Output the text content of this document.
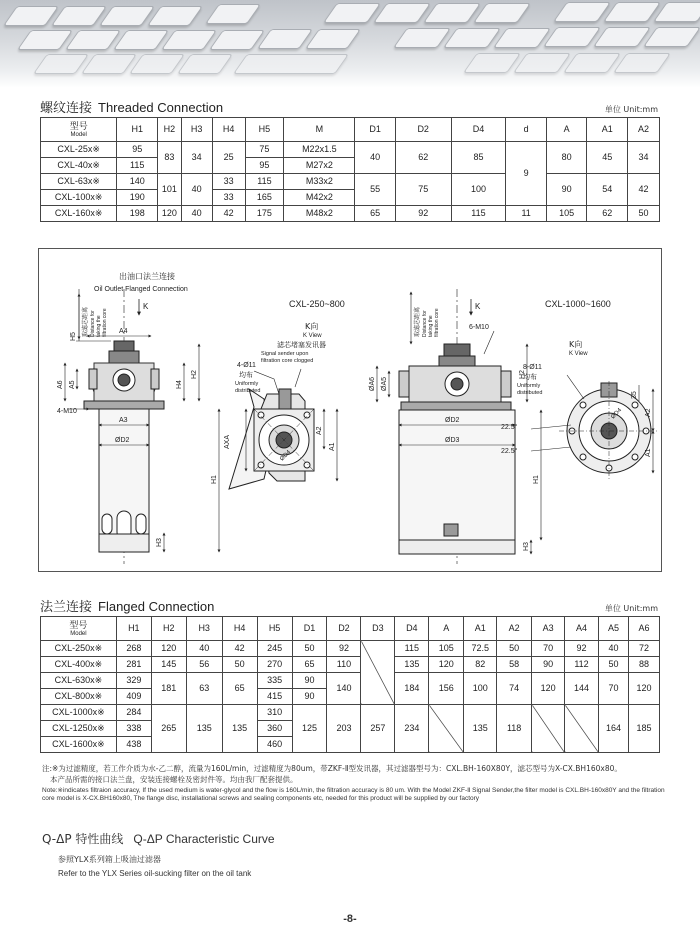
螺纹连接 Threaded Connection	单位 Unit:mm
型号
Model	H1	H2	H3	H4	H5	M	D1	D2	D4	d	A	A1	A2
CXL-25x※	95	83	34	25	75	M22x1.5	40	62	85	9	80	45	34
CXL-40x※	115				95	M27x2							
CXL-63x※	140	101	40	33	115	M33x2	55	75	100		90	54	42
CXL-100x※	190			33	165	M42x2							
CXL-160x※	198	120	40	42	175	M48x2	65	92	115	11	105	62	50
出油口法兰连接
Oil Outlet Flanged Connection
CXL-250~800	CXL-1000~1600
K	K
K向
K View
K向
K View
滤芯堵塞发讯器
Signal sender upon
filtration core clogged
4-Ø11
均布
Uniformly
distributed
8-Ø11
均布
Uniformly
distributed
4-M10
6-M10
22.5°
22.5°
AXA
取滤芯距离 Distance for taking the filtration core	取滤芯距离 Distance for taking the filtration core
H5
A4
A5
A6
A3
ØD2
ØD2
ØD3
H1
H2
H3
H4
A1
A2
H1
H2
H3
A2
A1
35
ØD4
ØD4
ØA5
ØA6
法兰连接 Flanged Connection	单位 Unit:mm
型号
Model	H1	H2	H3	H4	H5	D1	D2	D3	D4	A	A1	A2	A3	A4	A5	A6
CXL-250x※	268	120	40	42	245	50	92		115	105	72.5	50	70	92	40	72
CXL-400x※	281	145	56	50	270	65	110		135	120	82	58	90	112	50	88
CXL-630x※	329	181	63	65	335	90	140		184	156	100	74	120	144	70	120
CXL-800x※	409				415	90										
CXL-1000x※	284	265	135	135	310	125	203	257	234		135	118			164	185
CXL-1250x※	338				360											
CXL-1600x※	438				460											
注:※为过滤精度，若工作介质为水-乙二醇，流量为160L/min，过滤精度为80um，带ZKF-Ⅱ型发讯器，其过滤器型号为：CXL.BH-160X80Y，滤芯型号为X-CX.BH160x80。
本产品所需的接口法兰盘，安装连接螺栓及密封件等。均由我厂配套提供。
Note:※indicates filtraion accuracy, If the used medium is water-glycol and the flow is 160L/min, the filtration accuracy is 80 um. With the Model ZKF-Ⅱ Signal Sender,the filter model is CXL.BH-160x80Y and the filtration core model is X-CX.BH160x80, The flange disc, installational screws and sealing components etc, needed for this product will be supplied by our factory
Q-ΔP 特性曲线 Q-ΔP Characteristic Curve
参照YLX系列箱上吸油过滤器
Refer to the YLX Series oil-sucking filter on the oil tank
-8-
